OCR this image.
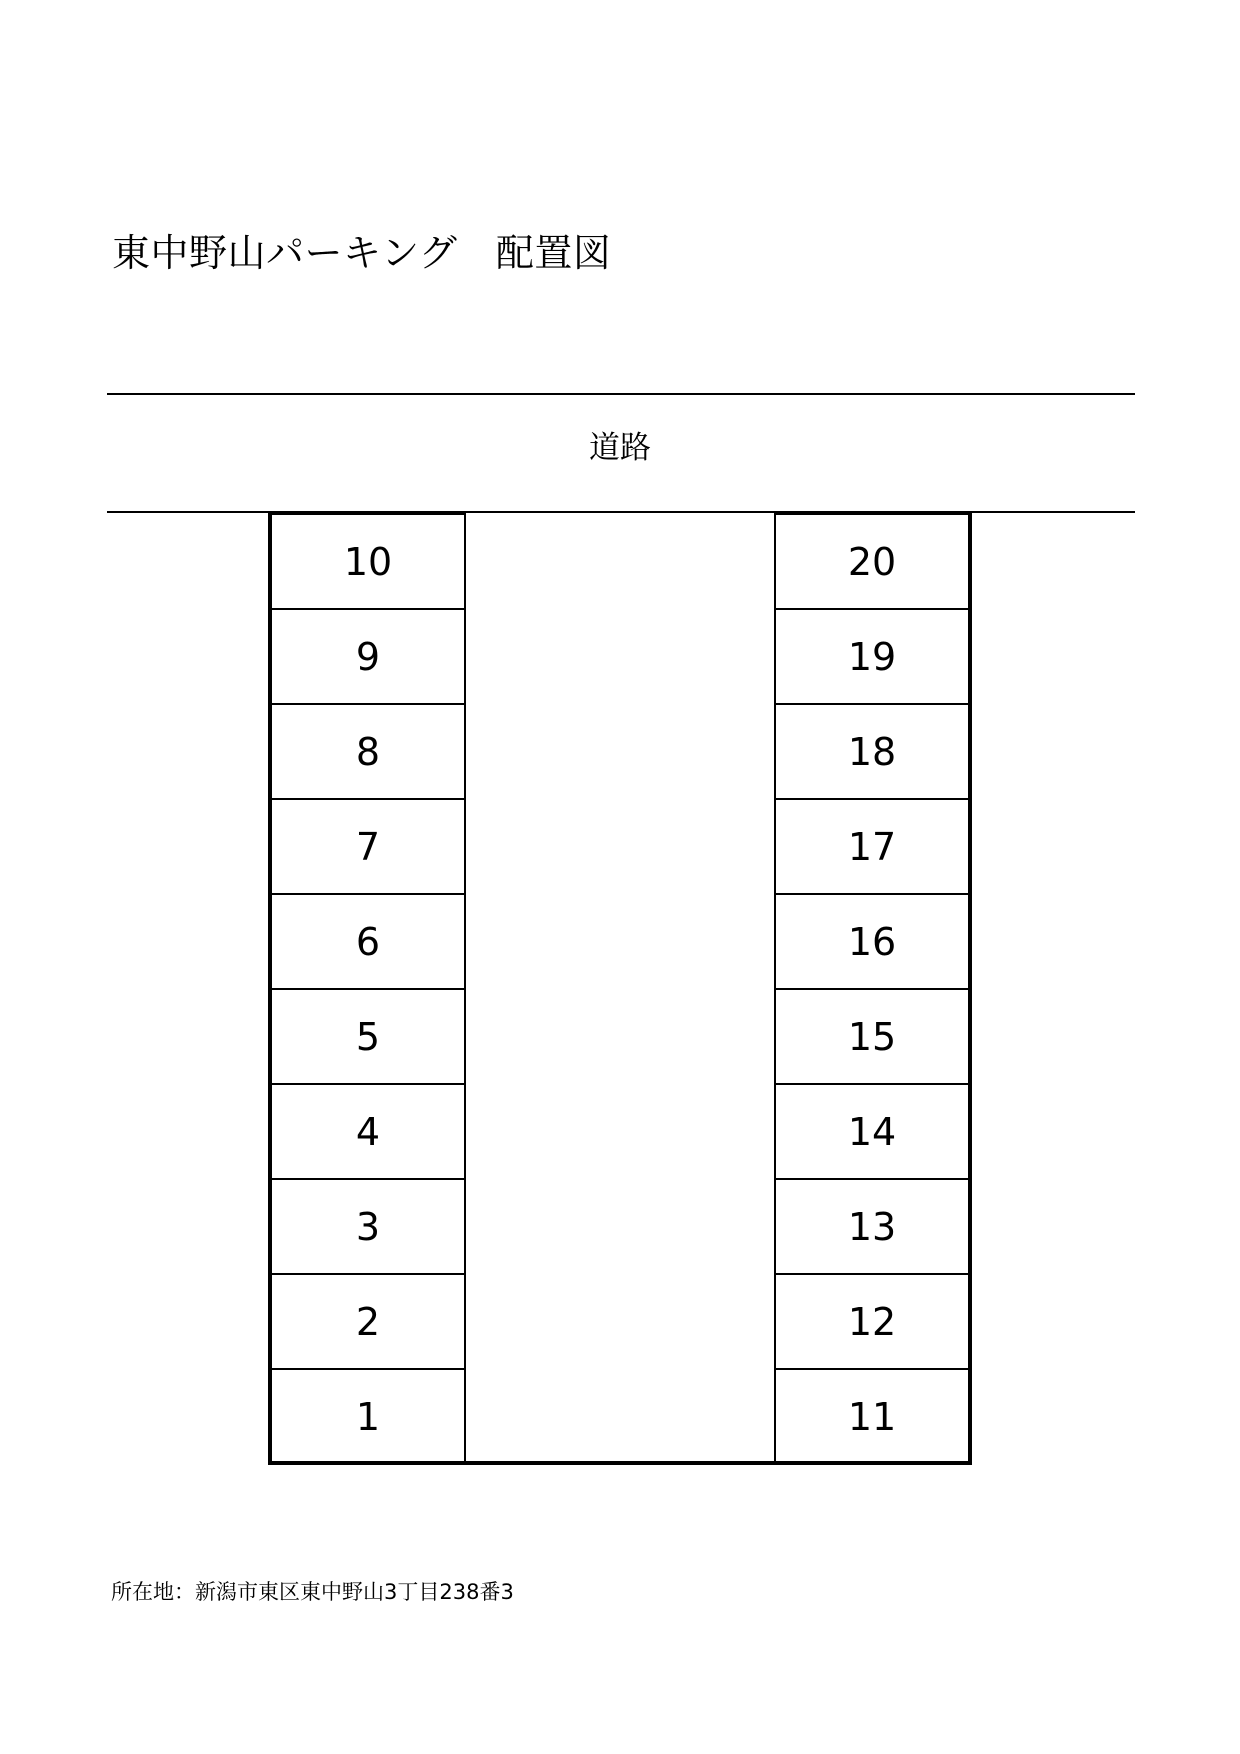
東中野山パーキング　配置図
道路
10
9
8
7
6
5
4
3
2
1
20
19
18
17
16
15
14
13
12
11
所在地：新潟市東区東中野山3丁目238番3
